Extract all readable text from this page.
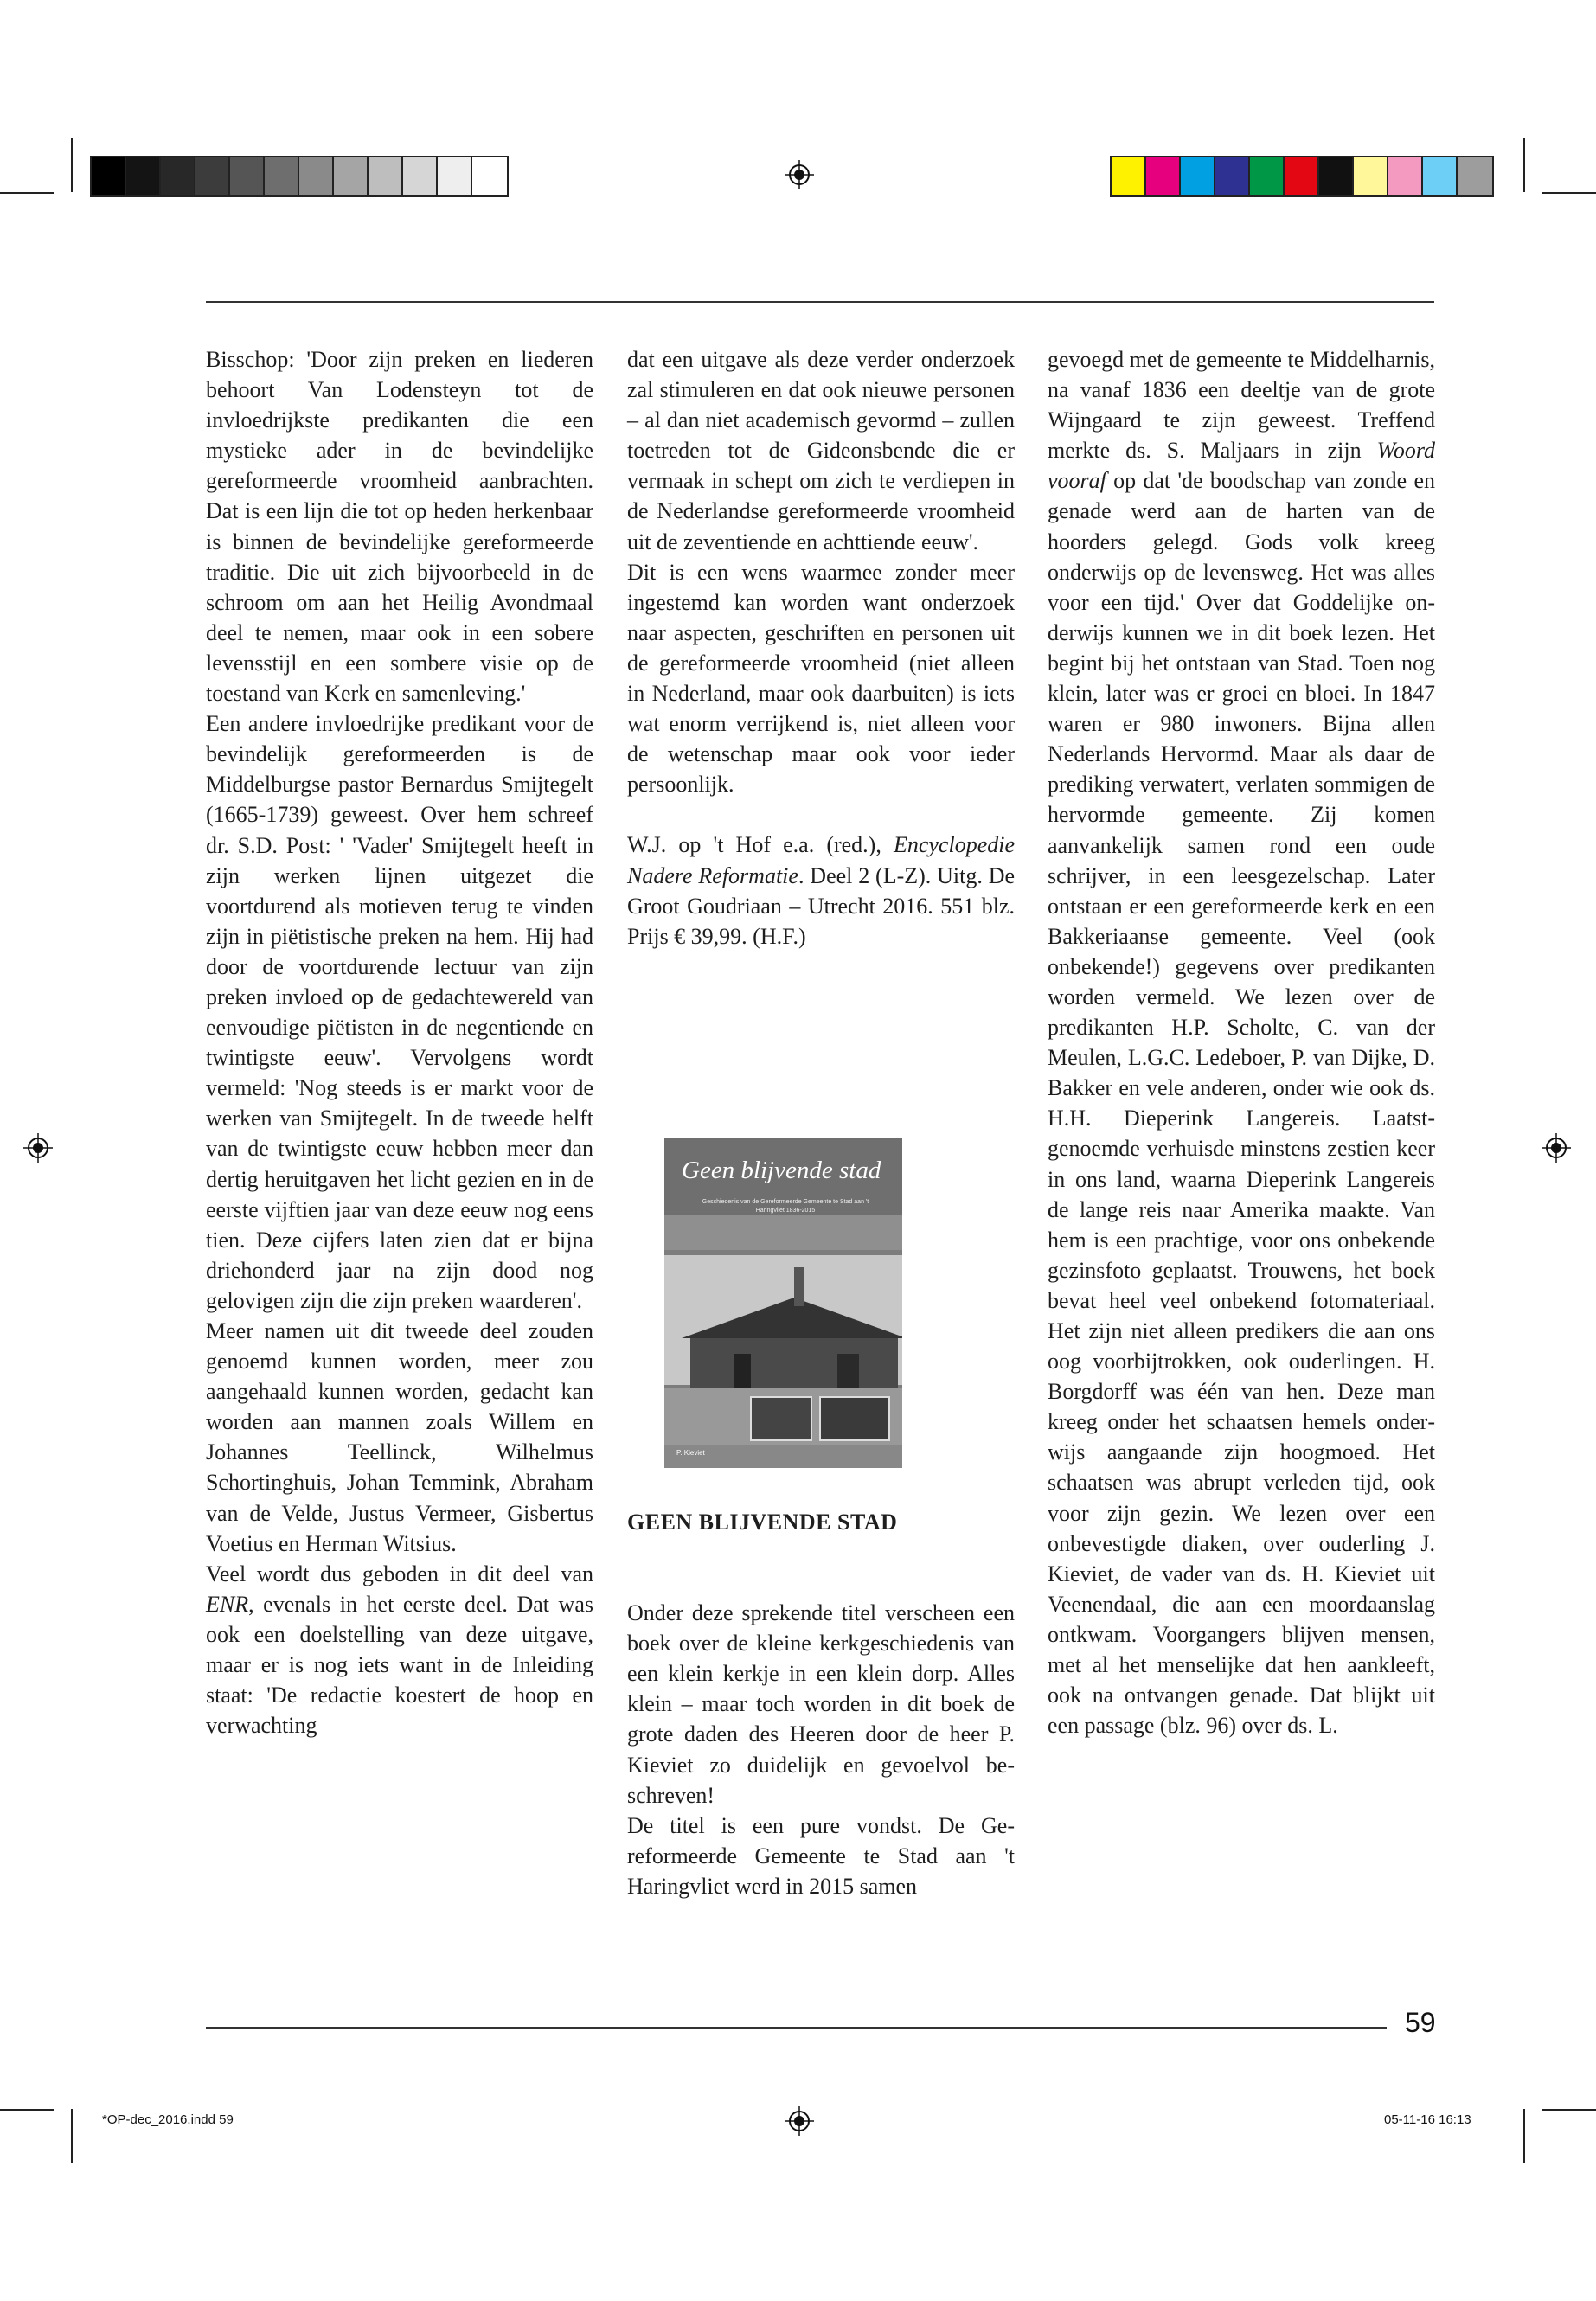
Bisschop: 'Door zijn preken en liederen behoort Van Lodensteyn tot de invloedrijkste predikanten die een mystieke ader in de bevindelijke gereformeerde vroomheid aanbrachten. Dat is een lijn die tot op heden herkenbaar is binnen de bevindelijke gereformeerde traditie. Die uit zich bijvoorbeeld in de schroom om aan het Heilig Avondmaal deel te nemen, maar ook in een sobere levensstijl en een sombere visie op de toestand van Kerk en samenleving.'

Een andere invloedrijke predikant voor de bevindelijk gereformeerden is de Middelburgse pastor Bernardus Smijtegelt (1665-1739) geweest. Over hem schreef dr. S.D. Post: ' 'Vader' Smijtegelt heeft in zijn werken lijnen uitgezet die voortdurend als motieven terug te vinden zijn in piëtistische preken na hem. Hij had door de voortdurende lectuur van zijn preken invloed op de gedachtewereld van eenvoudige piëtisten in de negentiende en twintigste eeuw'. Vervolgens wordt vermeld: 'Nog steeds is er markt voor de werken van Smijtegelt. In de tweede helft van de twintigste eeuw hebben meer dan dertig heruitgaven het licht gezien en in de eerste vijftien jaar van deze eeuw nog eens tien. Deze cijfers laten zien dat er bijna driehonderd jaar na zijn dood nog gelovigen zijn die zijn preken waarderen'.

Meer namen uit dit tweede deel zouden genoemd kunnen worden, meer zou aangehaald kunnen worden, gedacht kan worden aan mannen zoals Willem en Johannes Teellinck, Wilhelmus Schortinghuis, Johan Temmink, Abraham van de Velde, Justus Vermeer, Gisbertus Voetius en Herman Witsius.

Veel wordt dus geboden in dit deel van ENR, evenals in het eerste deel. Dat was ook een doelstelling van deze uitgave, maar er is nog iets want in de Inleiding staat: 'De redactie koestert de hoop en verwachting

dat een uitgave als deze verder onderzoek zal stimuleren en dat ook nieuwe personen – al dan niet academisch gevormd – zullen toetreden tot de Gideonsbende die er vermaak in schept om zich te verdiepen in de Nederlandse gereformeerde vroomheid uit de zeventiende en achttiende eeuw'.

Dit is een wens waarmee zonder meer ingestemd kan worden want onderzoek naar aspecten, geschriften en personen uit de gereformeerde vroomheid (niet alleen in Nederland, maar ook daarbuiten) is iets wat enorm verrijkend is, niet alleen voor de wetenschap maar ook voor ieder persoonlijk.

W.J. op 't Hof e.a. (red.), Encyclopedie Nadere Reformatie. Deel 2 (L-Z). Uitg. De Groot Goudriaan – Utrecht 2016. 551 blz. Prijs € 39,99. (H.F.)

Geen blijvende stad
Geschiedenis van de Gereformeerde Gemeente te Stad aan 't Haringvliet 1836-2015
P. Kieviet

GEEN BLIJVENDE STAD

Onder deze sprekende titel verscheen een boek over de kleine kerkgeschiedenis van een klein kerkje in een klein dorp. Alles klein – maar toch worden in dit boek de grote daden des Heeren door de heer P. Kieviet zo duidelijk en gevoelvol beschreven!

De titel is een pure vondst. De Gereformeerde Gemeente te Stad aan 't Haringvliet werd in 2015 samen

gevoegd met de gemeente te Middelharnis, na vanaf 1836 een deeltje van de grote Wijngaard te zijn geweest. Treffend merkte ds. S. Maljaars in zijn Woord vooraf op dat 'de boodschap van zonde en genade werd aan de harten van de hoorders gelegd. Gods volk kreeg onderwijs op de levensweg. Het was alles voor een tijd.' Over dat Goddelijke onderwijs kunnen we in dit boek lezen. Het begint bij het ontstaan van Stad. Toen nog klein, later was er groei en bloei. In 1847 waren er 980 inwoners. Bijna allen Nederlands Hervormd. Maar als daar de prediking verwatert, verlaten sommigen de hervormde gemeente. Zij komen aanvankelijk samen rond een oude schrijver, in een leesgezelschap. Later ontstaan er een gereformeerde kerk en een Bakkeriaanse gemeente. Veel (ook onbekende!) gegevens over predikanten worden vermeld. We lezen over de predikanten H.P. Scholte, C. van der Meulen, L.G.C. Ledeboer, P. van Dijke, D. Bakker en vele anderen, onder wie ook ds. H.H. Dieperink Langereis. Laatstgenoemde verhuisde minstens zestien keer in ons land, waarna Dieperink Langereis de lange reis naar Amerika maakte. Van hem is een prachtige, voor ons onbekende gezinsfoto geplaatst. Trouwens, het boek bevat heel veel onbekend fotomateriaal. Het zijn niet alleen predikers die aan ons oog voorbijtrokken, ook ouderlingen. H. Borgdorff was één van hen. Deze man kreeg onder het schaatsen hemels onderwijs aangaande zijn hoogmoed. Het schaatsen was abrupt verleden tijd, ook voor zijn gezin. We lezen over een onbevestigde diaken, over ouderling J. Kieviet, de vader van ds. H. Kieviet uit Veenendaal, die aan een moordaanslag ontkwam. Voorgangers blijven mensen, met al het menselijke dat hen aankleeft, ook na ontvangen genade. Dat blijkt uit een passage (blz. 96) over ds. L.

59
*OP-dec_2016.indd 59	05-11-16 16:13
